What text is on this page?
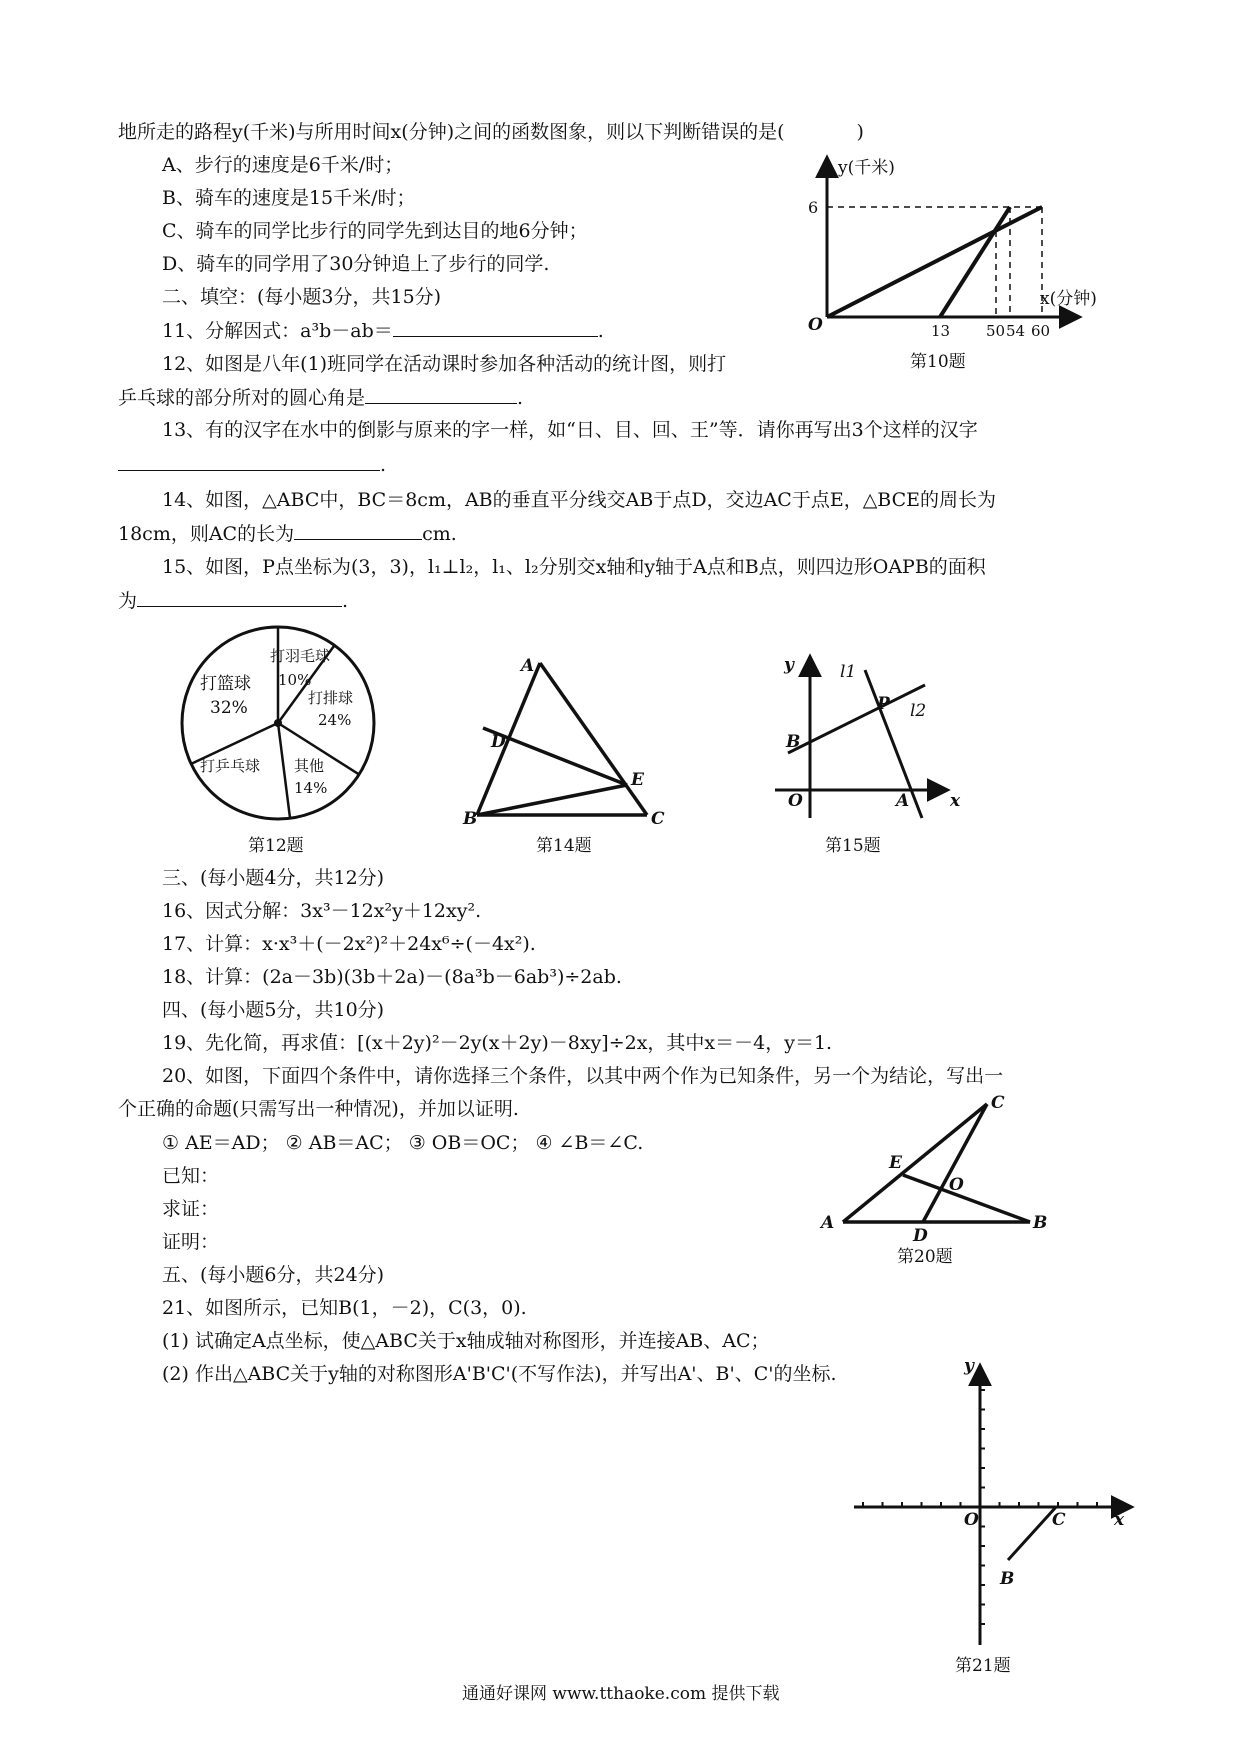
地所走的路程y(千米)与所用时间x(分钟)之间的函数图象，则以下判断错误的是(	)
A、步行的速度是6千米/时；
B、骑车的速度是15千米/时；
C、骑车的同学比步行的同学先到达目的地6分钟；
D、骑车的同学用了30分钟追上了步行的同学.
y(千米)
x(分钟)
O
6
13 50 54 60
第10题
二、填空：(每小题3分，共15分)
11、分解因式：a³b－ab＝	.
12、如图是八年(1)班同学在活动课时参加各种活动的统计图，则打
乒乓球的部分所对的圆心角是	.
13、有的汉字在水中的倒影与原来的字一样，如“日、目、回、王”等．请你再写出3个这样的汉字
.
14、如图，△ABC中，BC＝8cm，AB的垂直平分线交AB于点D，交边AC于点E，△BCE的周长为
18cm，则AC的长为	cm.
15、如图，P点坐标为(3，3)，l₁⊥l₂，l₁、l₂分别交x轴和y轴于A点和B点，则四边形OAPB的面积
为	.
打羽毛球
10%
打排球
24%
其他
14%
打乒乓球
打篮球
32%
第12题
A
D
E
B	C
第14题
y	l1
P l2
B
O	A x
第15题
三、(每小题4分，共12分)
16、因式分解：3x³－12x²y＋12xy².
17、计算：x·x³＋(－2x²)²＋24x⁶÷(－4x²).
18、计算：(2a－3b)(3b＋2a)－(8a³b－6ab³)÷2ab.
四、(每小题5分，共10分)
19、先化简，再求值：[(x＋2y)²－2y(x＋2y)－8xy]÷2x，其中x＝－4，y＝1.
20、如图，下面四个条件中，请你选择三个条件，以其中两个作为已知条件，另一个为结论，写出一
个正确的命题(只需写出一种情况)，并加以证明.
① AE＝AD； ② AB＝AC； ③ OB＝OC； ④ ∠B＝∠C.
已知：
求证：
证明：
C
E
O
A
D
B
第20题
五、(每小题6分，共24分)
21、如图所示，已知B(1，－2)，C(3，0).
(1) 试确定A点坐标，使△ABC关于x轴成轴对称图形，并连接AB、AC；
(2) 作出△ABC关于y轴的对称图形A'B'C'(不写作法)，并写出A'、B'、C'的坐标.	y
O	C	x
B
第21题
通通好课网 www.tthaoke.com 提供下载
